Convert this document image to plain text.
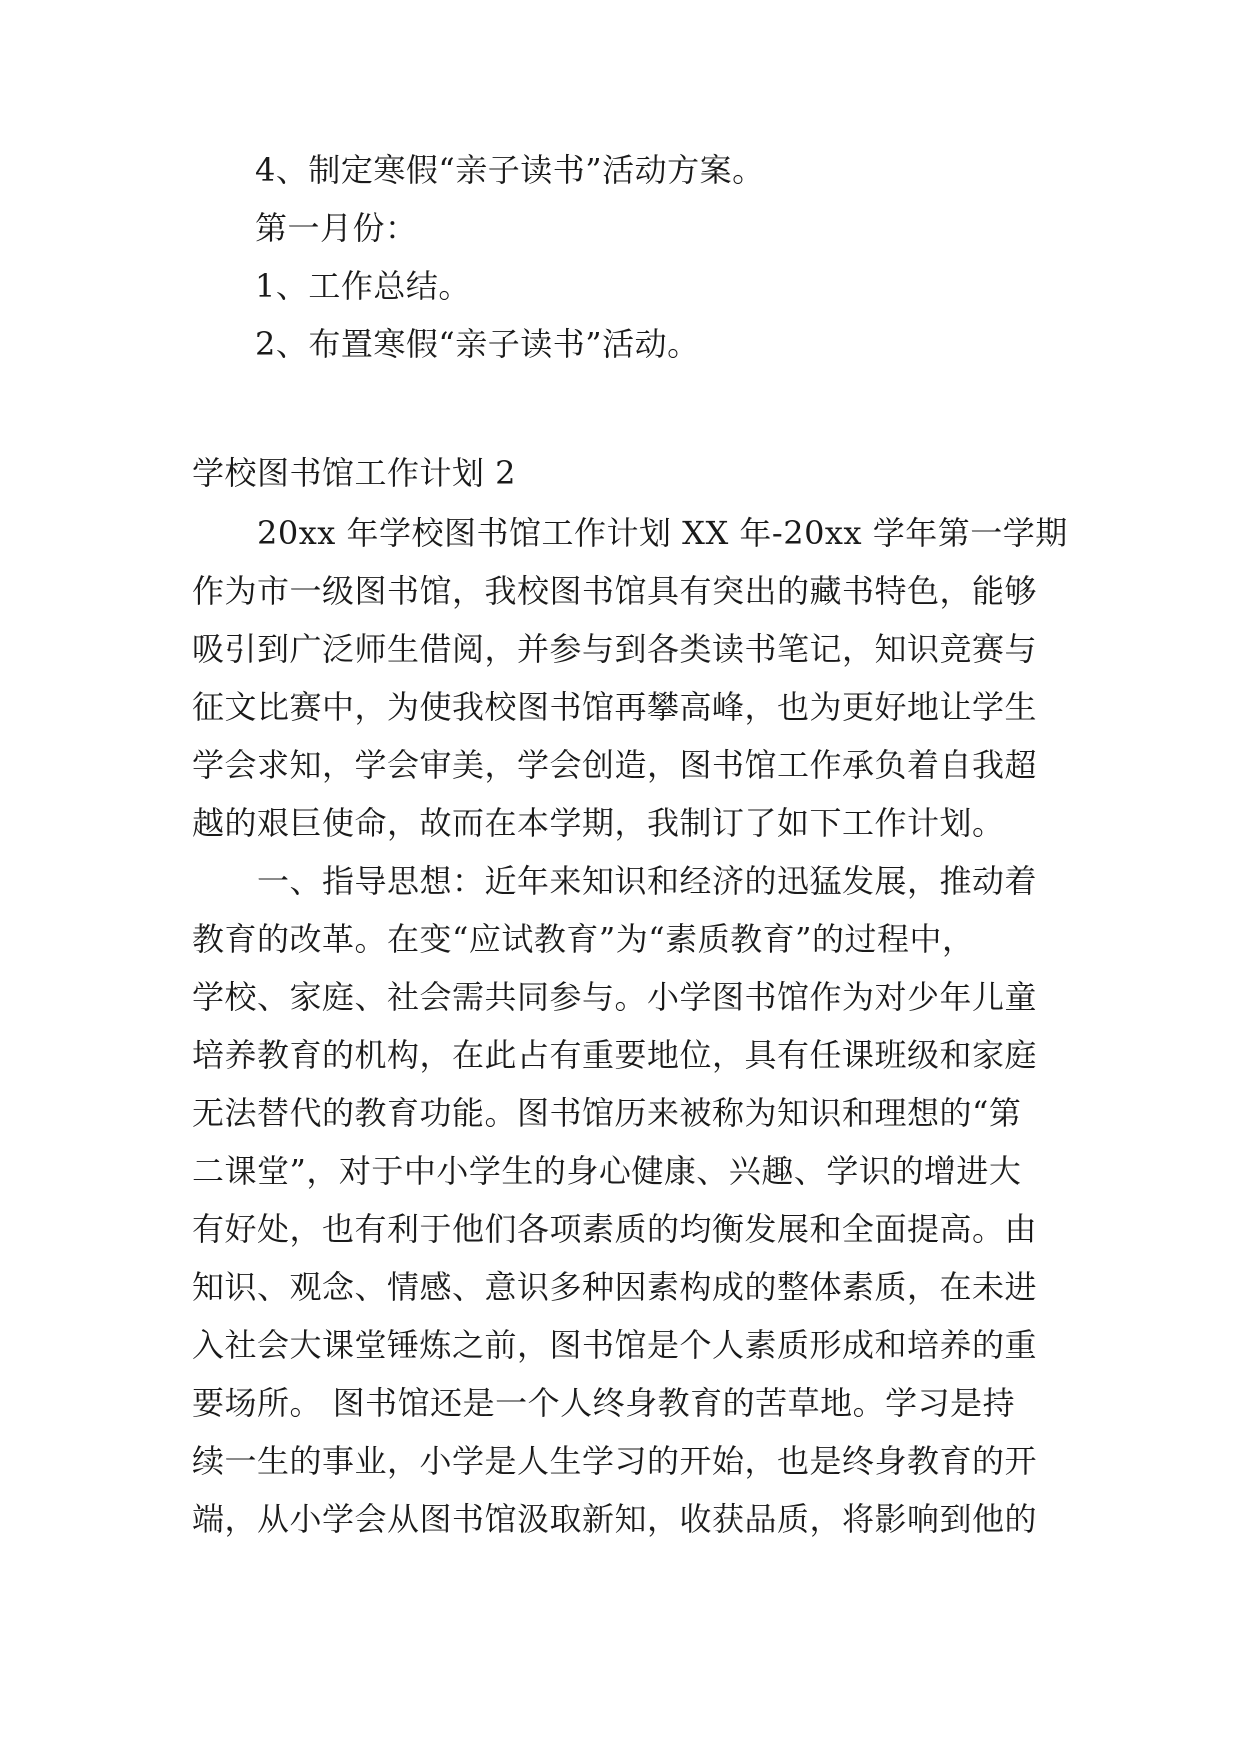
4、制定寒假“亲子读书”活动方案。
第一月份：
1、工作总结。
2、布置寒假“亲子读书”活动。
学校图书馆工作计划 2
　　20xx 年学校图书馆工作计划 XX 年-20xx 学年第一学期
作为市一级图书馆，我校图书馆具有突出的藏书特色，能够
吸引到广泛师生借阅，并参与到各类读书笔记，知识竞赛与
征文比赛中，为使我校图书馆再攀高峰，也为更好地让学生
学会求知，学会审美，学会创造，图书馆工作承负着自我超
越的艰巨使命，故而在本学期，我制订了如下工作计划。
　　一、指导思想：近年来知识和经济的迅猛发展，推动着
教育的改革。在变“应试教育”为“素质教育”的过程中，
学校、家庭、社会需共同参与。小学图书馆作为对少年儿童
培养教育的机构，在此占有重要地位，具有任课班级和家庭
无法替代的教育功能。图书馆历来被称为知识和理想的“第
二课堂”，对于中小学生的身心健康、兴趣、学识的增进大
有好处，也有利于他们各项素质的均衡发展和全面提高。由
知识、观念、情感、意识多种因素构成的整体素质，在未进
入社会大课堂锤炼之前，图书馆是个人素质形成和培养的重
要场所。 图书馆还是一个人终身教育的苦草地。学习是持
续一生的事业，小学是人生学习的开始，也是终身教育的开
端，从小学会从图书馆汲取新知，收获品质，将影响到他的
